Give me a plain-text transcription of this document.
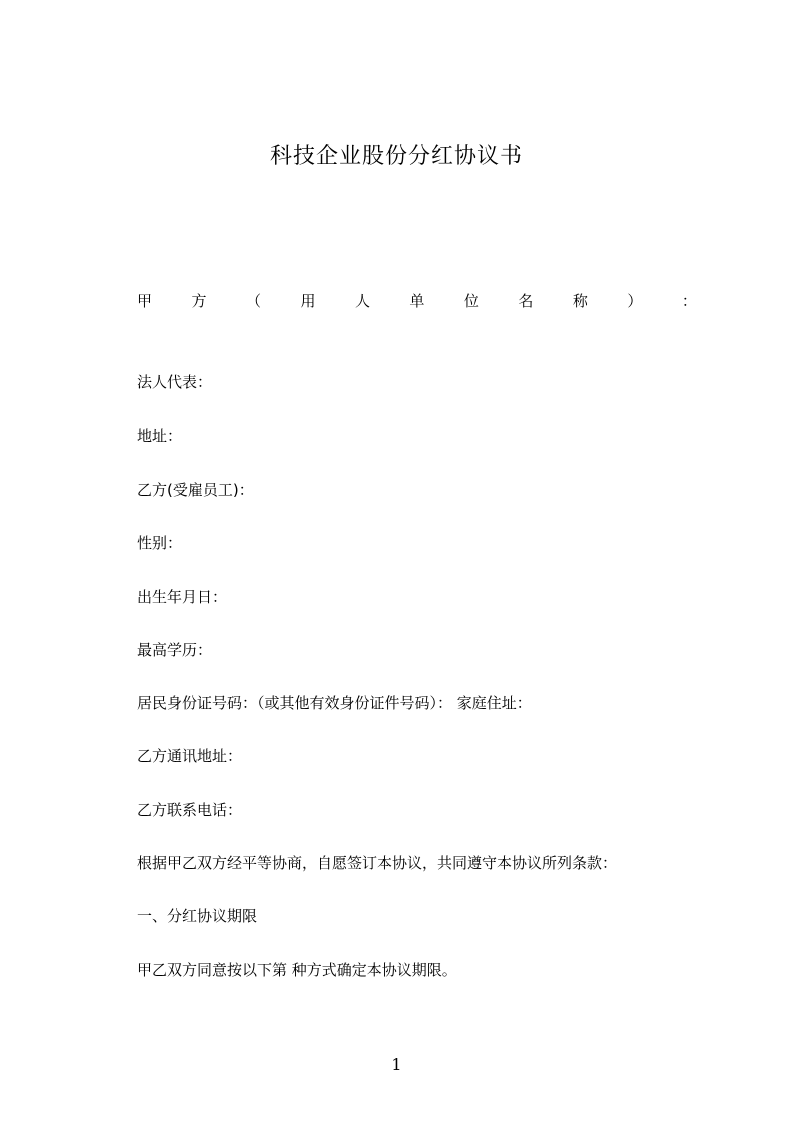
科技企业股份分红协议书
甲	方	（	用	人	单	位	名	称	）	：
法人代表：
地址：
乙方(受雇员工)：
性别：
出生年月日：
最高学历：
居民身份证号码：（或其他有效身份证件号码）： 家庭住址：
乙方通讯地址：
乙方联系电话：
根据甲乙双方经平等协商，自愿签订本协议，共同遵守本协议所列条款：
一、分红协议期限
甲乙双方同意按以下第 种方式确定本协议期限。
1
